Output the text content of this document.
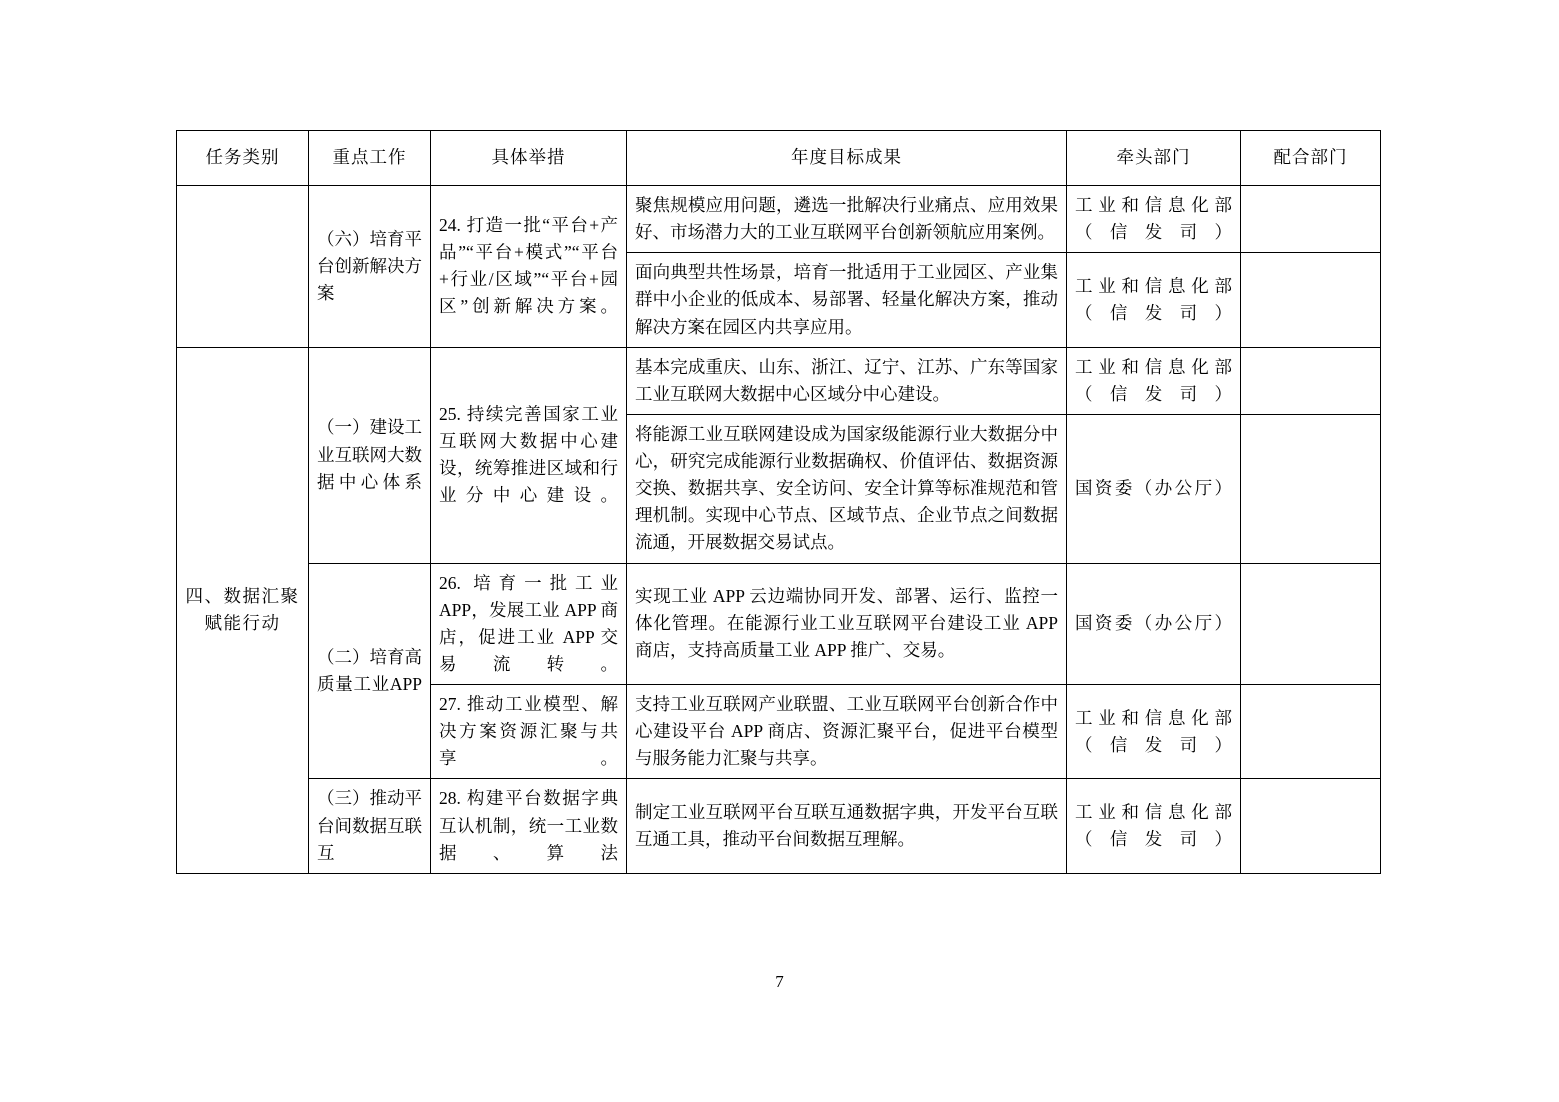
任务类别	重点工作	具体举措	年度目标成果	牵头部门	配合部门
	（六）培育平台创新解决方案	24. 打造一批“平台+产品”“平台+模式”“平台+行业/区域”“平台+园区”创新解决方案。	聚焦规模应用问题，遴选一批解决行业痛点、应用效果好、市场潜力大的工业互联网平台创新领航应用案例。	工业和信息化部（信发司）	
			面向典型共性场景，培育一批适用于工业园区、产业集群中小企业的低成本、易部署、轻量化解决方案，推动解决方案在园区内共享应用。	工业和信息化部（信发司）	
四、数据汇聚赋能行动	（一）建设工业互联网大数据中心体系	25. 持续完善国家工业互联网大数据中心建设，统筹推进区域和行业分中心建设。	基本完成重庆、山东、浙江、辽宁、江苏、广东等国家工业互联网大数据中心区域分中心建设。	工业和信息化部（信发司）	
			将能源工业互联网建设成为国家级能源行业大数据分中心，研究完成能源行业数据确权、价值评估、数据资源交换、数据共享、安全访问、安全计算等标准规范和管理机制。实现中心节点、区域节点、企业节点之间数据流通，开展数据交易试点。	国资委（办公厅）	
	（二）培育高质量工业APP	26. 培育一批工业 APP，发展工业 APP 商店，促进工业 APP 交易流转。	实现工业 APP 云边端协同开发、部署、运行、监控一体化管理。在能源行业工业互联网平台建设工业 APP 商店，支持高质量工业 APP 推广、交易。	国资委（办公厅）	
		27. 推动工业模型、解决方案资源汇聚与共享。	支持工业互联网产业联盟、工业互联网平台创新合作中心建设平台 APP 商店、资源汇聚平台，促进平台模型与服务能力汇聚与共享。	工业和信息化部（信发司）	
	（三）推动平台间数据互联互	28. 构建平台数据字典互认机制，统一工业数据、算法	制定工业互联网平台互联互通数据字典，开发平台互联互通工具，推动平台间数据互理解。	工业和信息化部（信发司）	
7
